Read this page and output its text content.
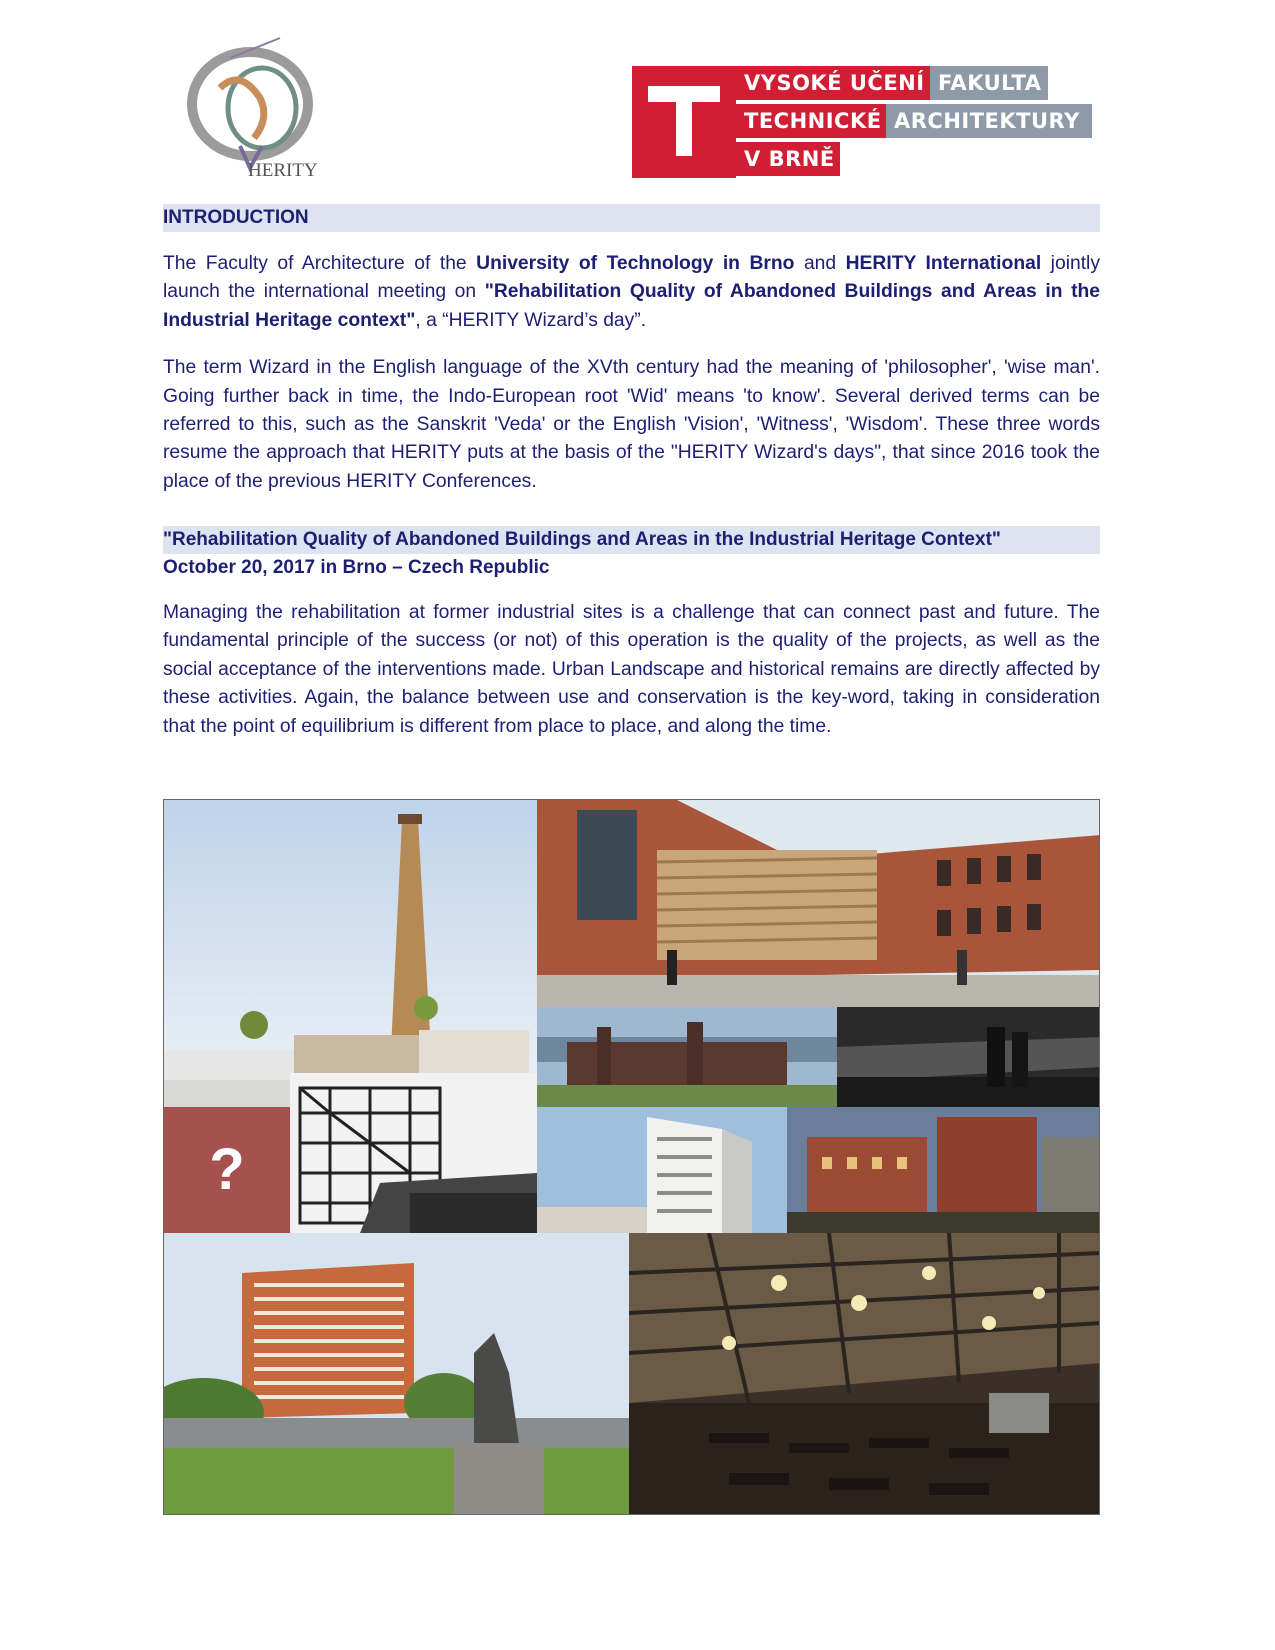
HERITY
VYSOKÉ UČENÍ FAKULTA
TECHNICKÉ ARCHITEKTURY
V BRNĚ

INTRODUCTION

The Faculty of Architecture of the University of Technology in Brno and HERITY International jointly launch the international meeting on "Rehabilitation Quality of Abandoned Buildings and Areas in the Industrial Heritage context", a “HERITY Wizard’s day”.

The term Wizard in the English language of the XVth century had the meaning of 'philosopher', 'wise man'. Going further back in time, the Indo-European root 'Wid' means 'to know'. Several derived terms can be referred to this, such as the Sanskrit 'Veda' or the English 'Vision', 'Witness', 'Wisdom'. These three words resume the approach that HERITY puts at the basis of the "HERITY Wizard's days", that since 2016 took the place of the previous HERITY Conferences.

"Rehabilitation Quality of Abandoned Buildings and Areas in the Industrial Heritage Context"

October 20, 2017 in Brno – Czech Republic

Managing the rehabilitation at former industrial sites is a challenge that can connect past and future. The fundamental principle of the success (or not) of this operation is the quality of the projects, as well as the social acceptance of the interventions made. Urban Landscape and historical remains are directly affected by these activities. Again, the balance between use and conservation is the key-word, taking in consideration that the point of equilibrium is different from place to place, and along the time.

?
